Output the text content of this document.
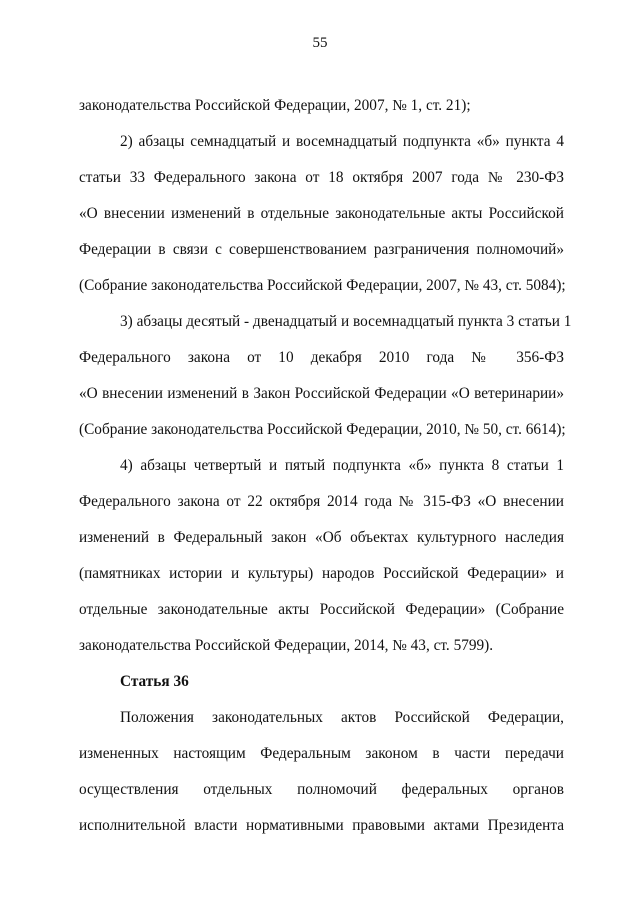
55
законодательства Российской Федерации, 2007, № 1, ст. 21);
2) абзацы семнадцатый и восемнадцатый подпункта «б» пункта 4
статьи 33 Федерального закона от 18 октября 2007 года № 230-ФЗ
«О внесении изменений в отдельные законодательные акты Российской
Федерации в связи с совершенствованием разграничения полномочий»
(Собрание законодательства Российской Федерации, 2007, № 43, ст. 5084);
3) абзацы десятый - двенадцатый и восемнадцатый пункта 3 статьи 1
Федерального закона от 10 декабря 2010 года № 356-ФЗ
«О внесении изменений в Закон Российской Федерации «О ветеринарии»
(Собрание законодательства Российской Федерации, 2010, № 50, ст. 6614);
4) абзацы четвертый и пятый подпункта «б» пункта 8 статьи 1
Федерального закона от 22 октября 2014 года № 315-ФЗ «О внесении
изменений в Федеральный закон «Об объектах культурного наследия
(памятниках истории и культуры) народов Российской Федерации» и
отдельные законодательные акты Российской Федерации» (Собрание
законодательства Российской Федерации, 2014, № 43, ст. 5799).
Статья 36
Положения законодательных актов Российской Федерации,
измененных настоящим Федеральным законом в части передачи
осуществления отдельных полномочий федеральных органов
исполнительной власти нормативными правовыми актами Президента
